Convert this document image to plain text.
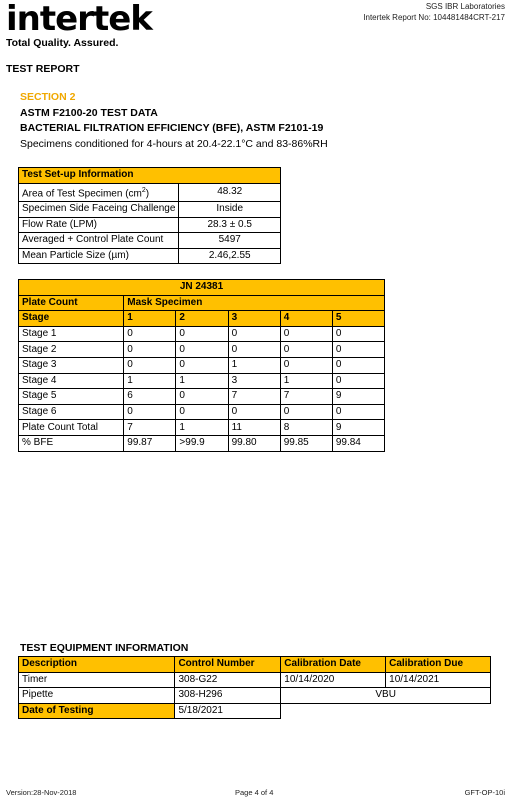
intertek
Total Quality. Assured.
SGS IBR Laboratories
Intertek Report No: 104481484CRT-217
TEST REPORT
SECTION 2
ASTM F2100-20 TEST DATA
BACTERIAL FILTRATION EFFICIENCY (BFE), ASTM F2101-19
Specimens conditioned for 4-hours at 20.4-22.1°C and 83-86%RH
Test Set-up Information	
Area of Test Specimen $(cm^2)$	48.32
Specimen Side Faceing Challenge	Inside
Flow Rate (LPM)	28.3 ± 0.5
Averaged + Control Plate Count	5497
Mean Particle Size (µm)	2.46,2.55
JN 24381					
Plate Count	Mask Specimen				
Stage	1	2	3	4	5
Stage 1	0	0	0	0	0
Stage 2	0	0	0	0	0
Stage 3	0	0	1	0	0
Stage 4	1	1	3	1	0
Stage 5	6	0	7	7	9
Stage 6	0	0	0	0	0
Plate Count Total	7	1	11	8	9
% BFE	99.87	>99.9	99.80	99.85	99.84
TEST EQUIPMENT INFORMATION
Description	Control Number	Calibration Date	Calibration Due
Timer	308-G22	10/14/2020	10/14/2021
Pipette	308-H296	VBU	
Date of Testing	5/18/2021		
Version:28-Nov-2018	Page 4 of 4	GFT-OP-10i
